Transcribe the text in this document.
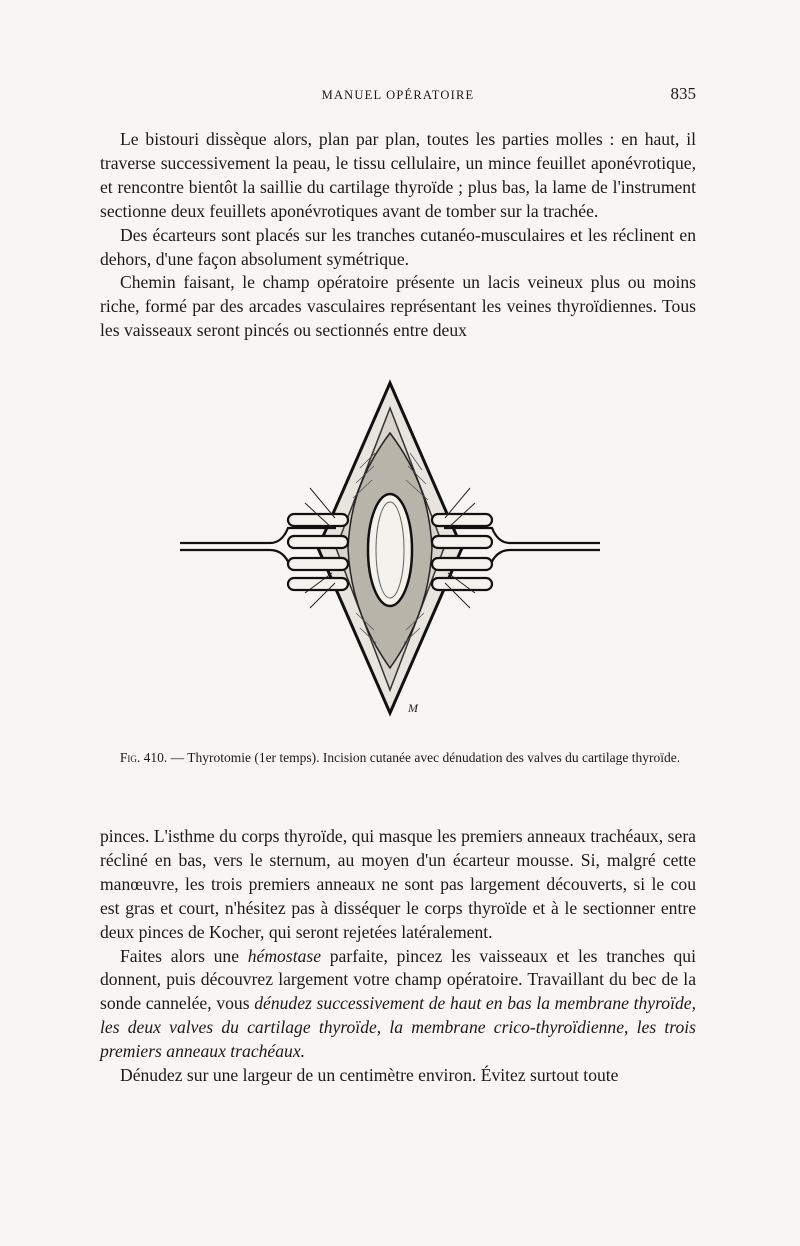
MANUEL OPÉRATOIRE	835

Le bistouri dissèque alors, plan par plan, toutes les parties molles : en haut, il traverse successivement la peau, le tissu cellulaire, un mince feuillet aponévrotique, et rencontre bientôt la saillie du cartilage thyroïde ; plus bas, la lame de l'instrument sectionne deux feuillets aponévrotiques avant de tomber sur la trachée.

Des écarteurs sont placés sur les tranches cutanéo-musculaires et les réclinent en dehors, d'une façon absolument symétrique.

Chemin faisant, le champ opératoire présente un lacis veineux plus ou moins riche, formé par des arcades vasculaires représentant les veines thyroïdiennes. Tous les vaisseaux seront pincés ou sectionnés entre deux

M
Fig. 410. — Thyrotomie (1er temps). Incision cutanée avec dénudation des valves du cartilage thyroïde.

pinces. L'isthme du corps thyroïde, qui masque les premiers anneaux trachéaux, sera récliné en bas, vers le sternum, au moyen d'un écarteur mousse. Si, malgré cette manœuvre, les trois premiers anneaux ne sont pas largement découverts, si le cou est gras et court, n'hésitez pas à disséquer le corps thyroïde et à le sectionner entre deux pinces de Kocher, qui seront rejetées latéralement.

Faites alors une hémostase parfaite, pincez les vaisseaux et les tranches qui donnent, puis découvrez largement votre champ opératoire. Travaillant du bec de la sonde cannelée, vous dénudez successivement de haut en bas la membrane thyroïde, les deux valves du cartilage thyroïde, la membrane crico-thyroïdienne, les trois premiers anneaux trachéaux.

Dénudez sur une largeur de un centimètre environ. Évitez surtout toute
